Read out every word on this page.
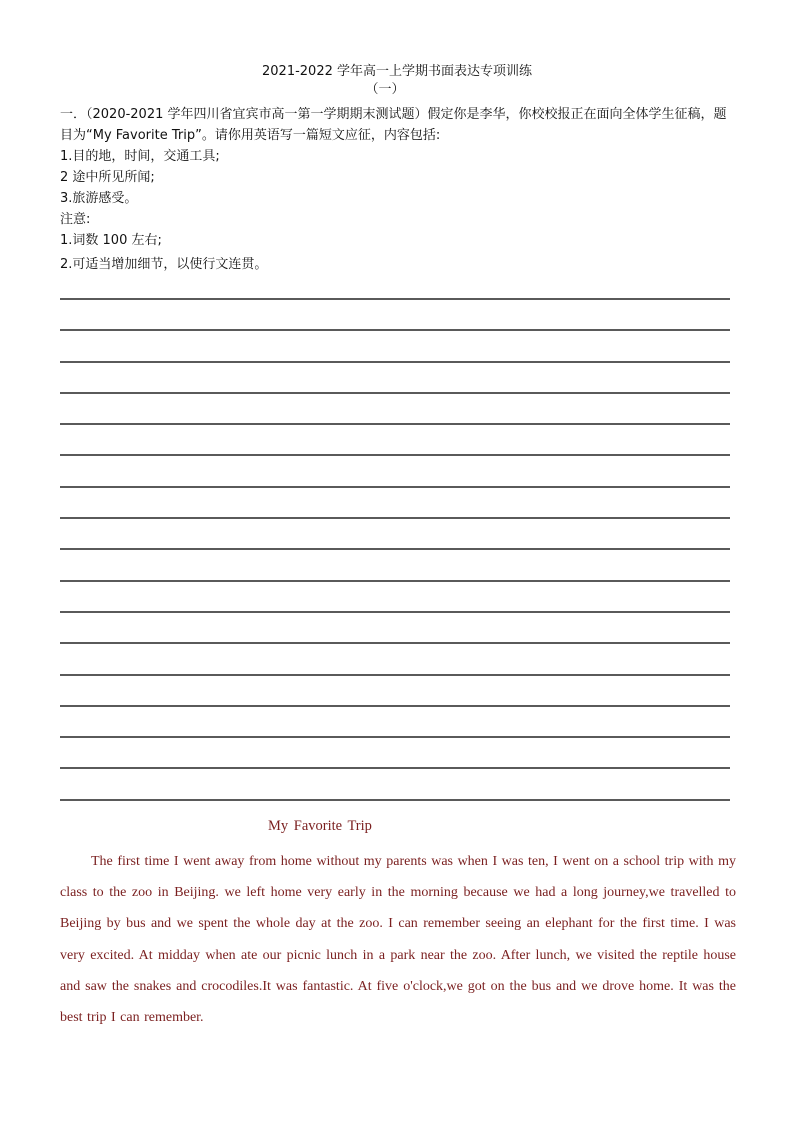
2021-2022 学年高一上学期书面表达专项训练
（一）

一．（2020-2021 学年四川省宜宾市高一第一学期期末测试题）假定你是李华，你校校报正在面向全体学生征稿，题目为“My Favorite Trip”。请你用英语写一篇短文应征，内容包括:

1.目的地，时间，交通工具;

2 途中所见所闻;

3.旅游感受。

注意:

1.词数 100 左右;

2.可适当增加细节，以使行文连贯。

My Favorite Trip
The first time I went away from home without my parents was when I was ten, I went on a school trip with my class to the zoo in Beijing. we left home very early in the morning because we had a long journey,we travelled to Beijing by bus and we spent the whole day at the zoo. I can remember seeing an elephant for the first time. I was very excited. At midday when ate our picnic lunch in a park near the zoo. After lunch, we visited the reptile house and saw the snakes and crocodiles.It was fantastic. At five o'clock,we got on the bus and we drove home. It was the best trip I can remember.
